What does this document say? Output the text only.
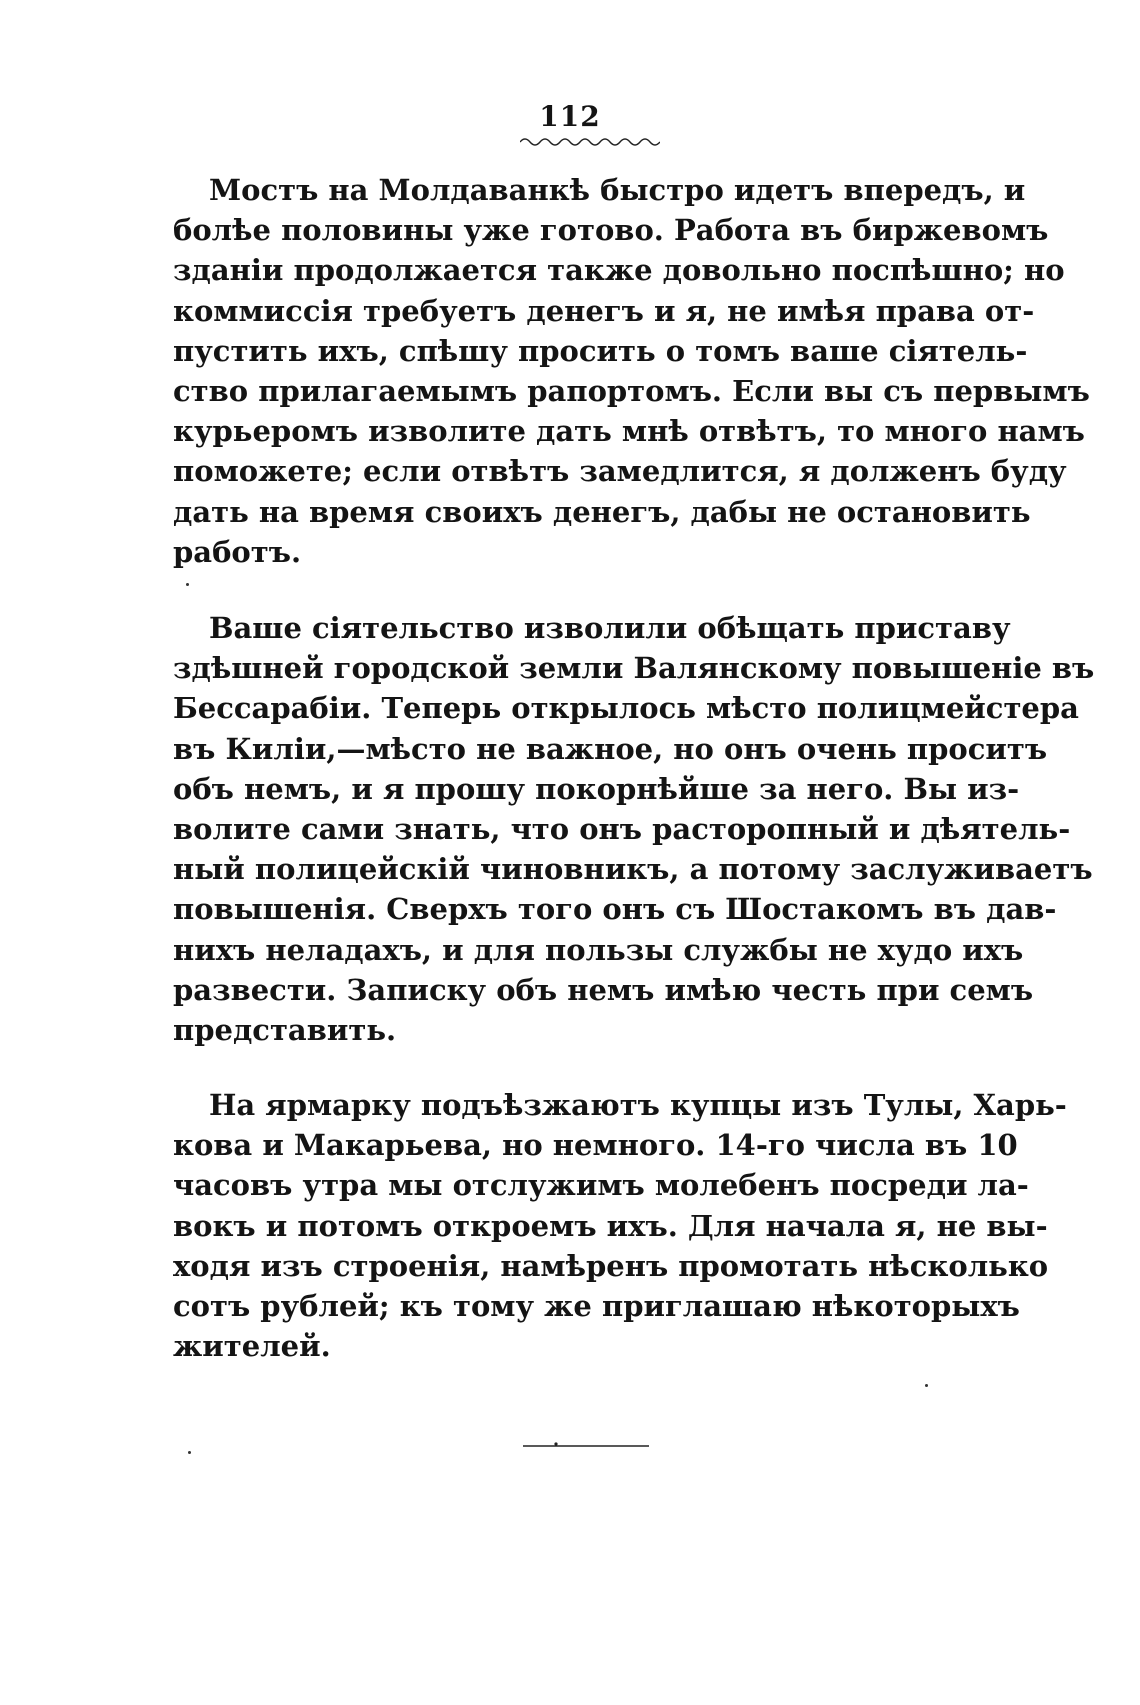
112
Мостъ на Молдаванкѣ быстро идетъ впередъ, и
болѣе половины уже готово. Работа въ биржевомъ
зданіи продолжается также довольно поспѣшно; но
коммиссія требуетъ денегъ и я, не имѣя права от-
пустить ихъ, спѣшу просить о томъ ваше сіятель-
ство прилагаемымъ рапортомъ. Если вы съ первымъ
курьеромъ изволите дать мнѣ отвѣтъ, то много намъ
поможете; если отвѣтъ замедлится, я долженъ буду
дать на время своихъ денегъ, дабы не остановить
работъ.
Ваше сіятельство изволили обѣщать приставу
здѣшней городской земли Валянскому повышеніе въ
Бессарабіи. Теперь открылось мѣсто полицмейстера
въ Киліи,—мѣсто не важное, но онъ очень проситъ
объ немъ, и я прошу покорнѣйше за него. Вы из-
волите сами знать, что онъ расторопный и дѣятель-
ный полицейскій чиновникъ, а потому заслуживаетъ
повышенія. Сверхъ того онъ съ Шостакомъ въ дав-
нихъ неладахъ, и для пользы службы не худо ихъ
развести. Записку объ немъ имѣю честь при семъ
представить.
На ярмарку подъѣзжаютъ купцы изъ Тулы, Харь-
кова и Макарьева, но немного. 14-го числа въ 10
часовъ утра мы отслужимъ молебенъ посреди ла-
вокъ и потомъ откроемъ ихъ. Для начала я, не вы-
ходя изъ строенія, намѣренъ промотать нѣсколько
сотъ рублей; къ тому же приглашаю нѣкоторыхъ
жителей.
